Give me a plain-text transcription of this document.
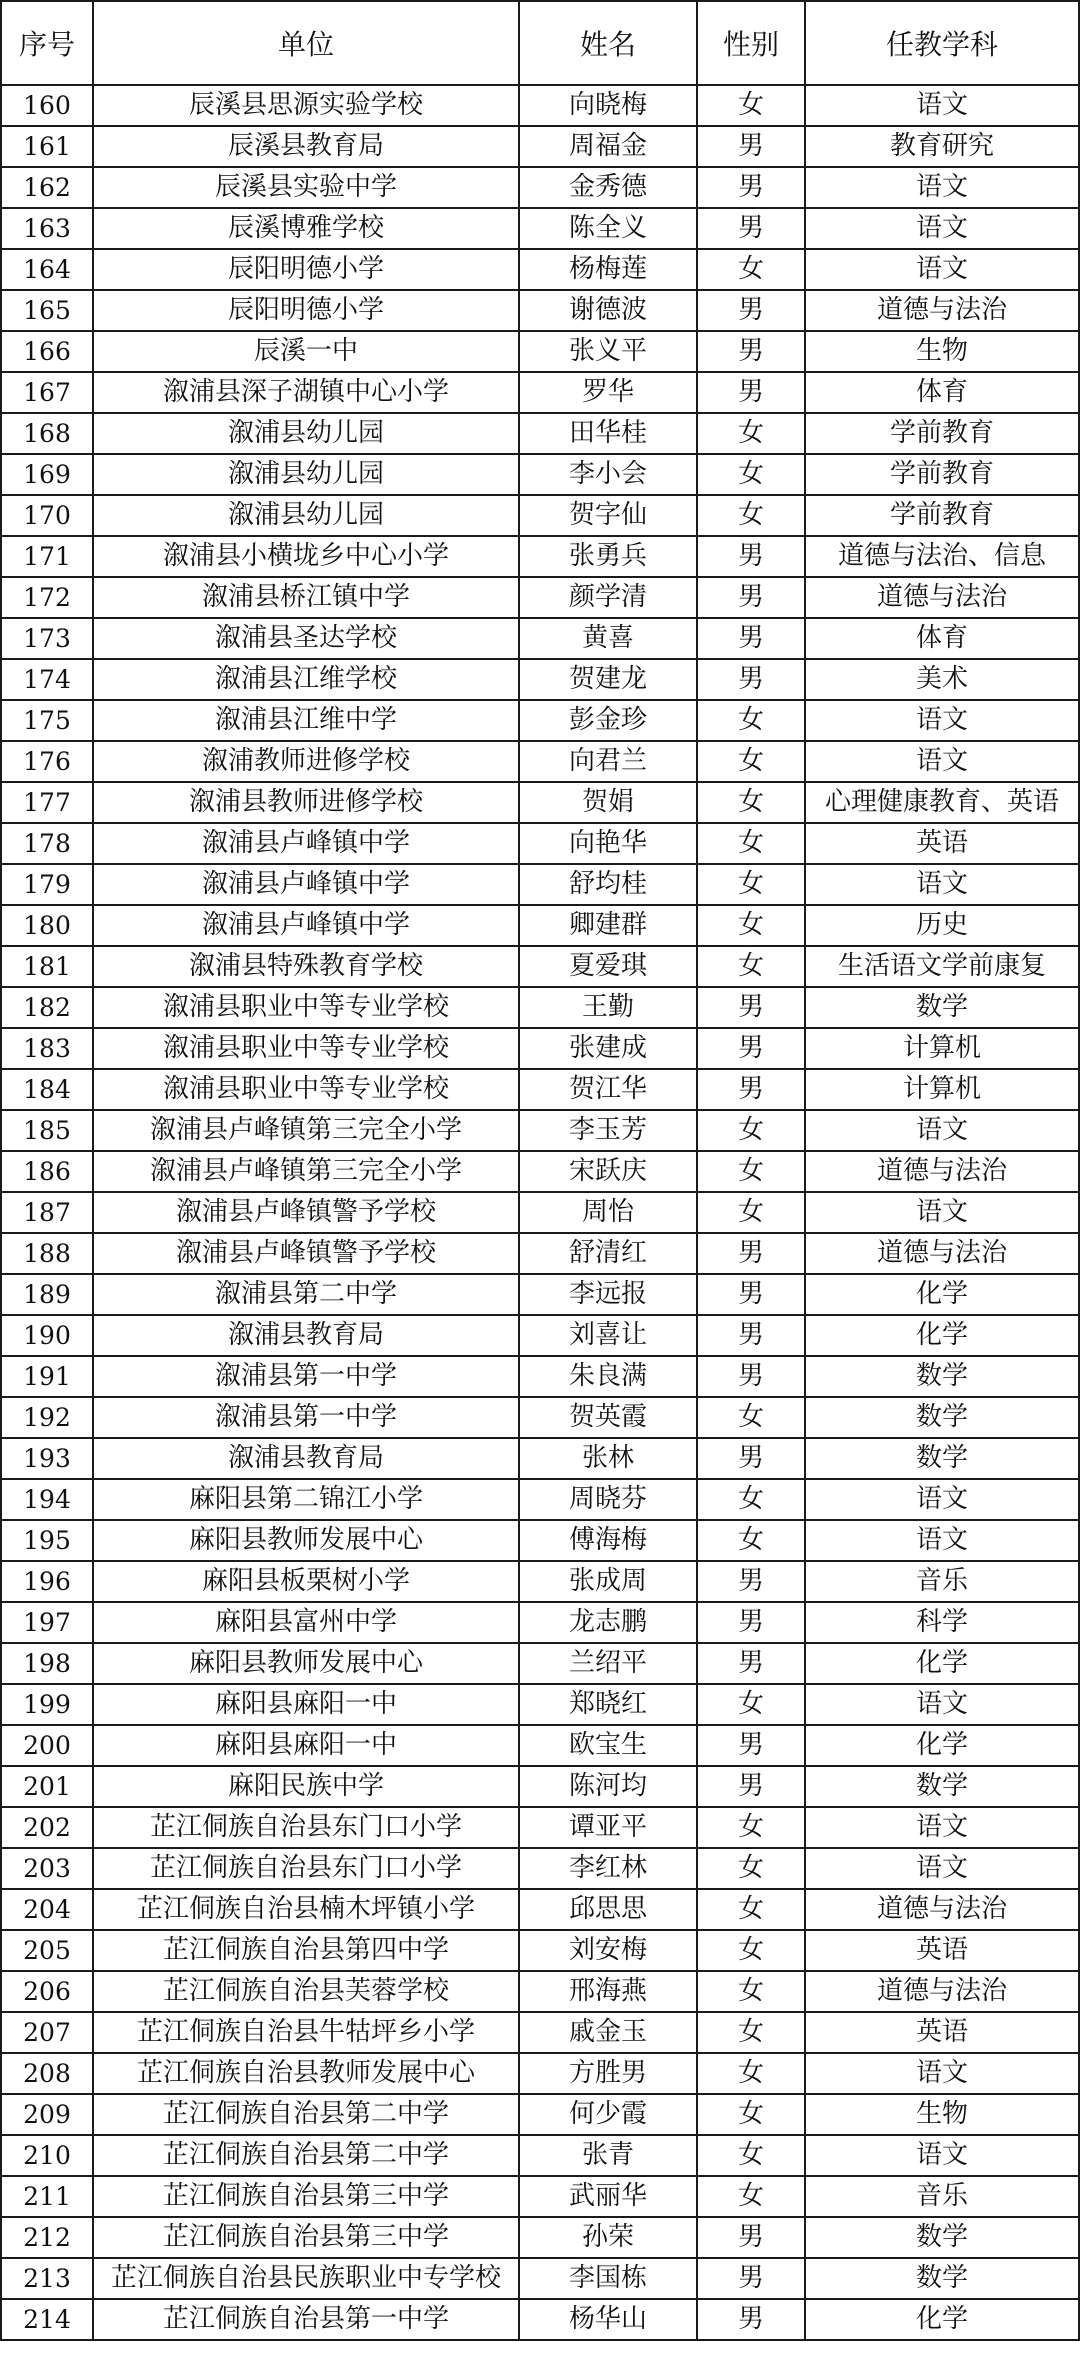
序号	单位	姓名	性别	任教学科
160	辰溪县思源实验学校	向晓梅	女	语文
161	辰溪县教育局	周福金	男	教育研究
162	辰溪县实验中学	金秀德	男	语文
163	辰溪博雅学校	陈全义	男	语文
164	辰阳明德小学	杨梅莲	女	语文
165	辰阳明德小学	谢德波	男	道德与法治
166	辰溪一中	张义平	男	生物
167	溆浦县深子湖镇中心小学	罗华	男	体育
168	溆浦县幼儿园	田华桂	女	学前教育
169	溆浦县幼儿园	李小会	女	学前教育
170	溆浦县幼儿园	贺字仙	女	学前教育
171	溆浦县小横垅乡中心小学	张勇兵	男	道德与法治、信息
172	溆浦县桥江镇中学	颜学清	男	道德与法治
173	溆浦县圣达学校	黄喜	男	体育
174	溆浦县江维学校	贺建龙	男	美术
175	溆浦县江维中学	彭金珍	女	语文
176	溆浦教师进修学校	向君兰	女	语文
177	溆浦县教师进修学校	贺娟	女	心理健康教育、英语
178	溆浦县卢峰镇中学	向艳华	女	英语
179	溆浦县卢峰镇中学	舒均桂	女	语文
180	溆浦县卢峰镇中学	卿建群	女	历史
181	溆浦县特殊教育学校	夏爱琪	女	生活语文学前康复
182	溆浦县职业中等专业学校	王勤	男	数学
183	溆浦县职业中等专业学校	张建成	男	计算机
184	溆浦县职业中等专业学校	贺江华	男	计算机
185	溆浦县卢峰镇第三完全小学	李玉芳	女	语文
186	溆浦县卢峰镇第三完全小学	宋跃庆	女	道德与法治
187	溆浦县卢峰镇警予学校	周怡	女	语文
188	溆浦县卢峰镇警予学校	舒清红	男	道德与法治
189	溆浦县第二中学	李远报	男	化学
190	溆浦县教育局	刘喜让	男	化学
191	溆浦县第一中学	朱良满	男	数学
192	溆浦县第一中学	贺英霞	女	数学
193	溆浦县教育局	张林	男	数学
194	麻阳县第二锦江小学	周晓芬	女	语文
195	麻阳县教师发展中心	傅海梅	女	语文
196	麻阳县板栗树小学	张成周	男	音乐
197	麻阳县富州中学	龙志鹏	男	科学
198	麻阳县教师发展中心	兰绍平	男	化学
199	麻阳县麻阳一中	郑晓红	女	语文
200	麻阳县麻阳一中	欧宝生	男	化学
201	麻阳民族中学	陈河均	男	数学
202	芷江侗族自治县东门口小学	谭亚平	女	语文
203	芷江侗族自治县东门口小学	李红林	女	语文
204	芷江侗族自治县楠木坪镇小学	邱思思	女	道德与法治
205	芷江侗族自治县第四中学	刘安梅	女	英语
206	芷江侗族自治县芙蓉学校	邢海燕	女	道德与法治
207	芷江侗族自治县牛牯坪乡小学	戚金玉	女	英语
208	芷江侗族自治县教师发展中心	方胜男	女	语文
209	芷江侗族自治县第二中学	何少霞	女	生物
210	芷江侗族自治县第二中学	张青	女	语文
211	芷江侗族自治县第三中学	武丽华	女	音乐
212	芷江侗族自治县第三中学	孙荣	男	数学
213	芷江侗族自治县民族职业中专学校	李国栋	男	数学
214	芷江侗族自治县第一中学	杨华山	男	化学
